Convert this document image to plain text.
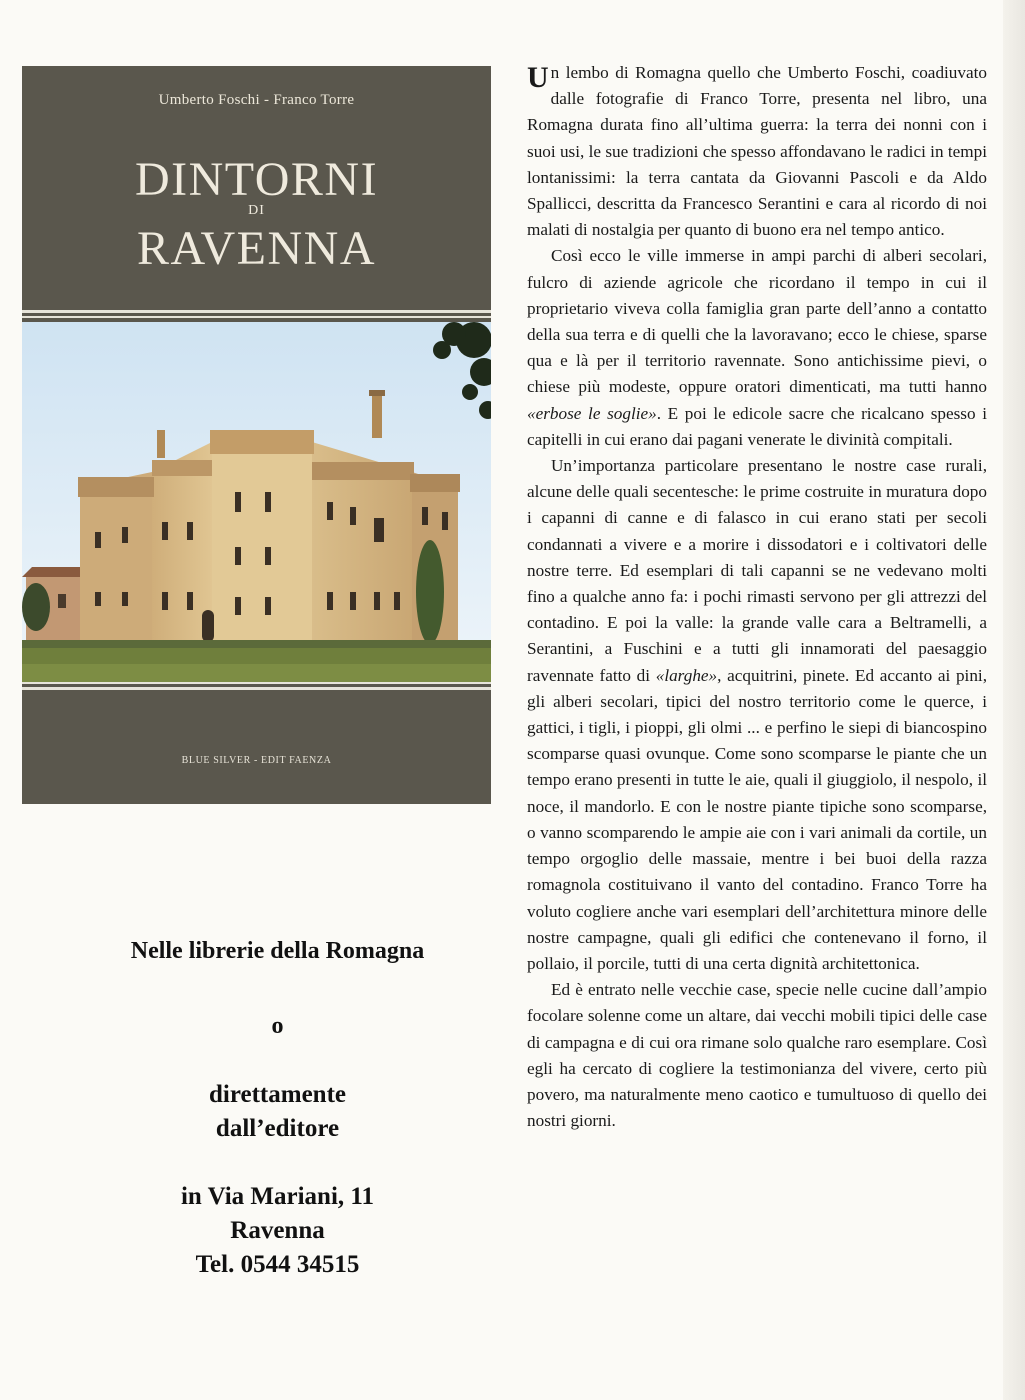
Umberto Foschi - Franco Torre
DINTORNI
DI
RAVENNA
BLUE SILVER - EDIT FAENZA
Nelle librerie della Romagna
o
direttamente
dall’editore
in Via Mariani, 11
Ravenna
Tel. 0544 34515

Un lembo di Romagna quello che Umberto Foschi, coadiuvato dalle fotografie di Franco Torre, presenta nel libro, una Romagna durata fino all’ultima guerra: la terra dei nonni con i suoi usi, le sue tradizioni che spesso affondavano le radici in tempi lontanissimi: la terra cantata da Giovanni Pascoli e da Aldo Spallicci, descritta da Francesco Serantini e cara al ricordo di noi malati di nostalgia per quanto di buono era nel tempo antico.

Così ecco le ville immerse in ampi parchi di alberi secolari, fulcro di aziende agricole che ricordano il tempo in cui il proprietario viveva colla famiglia gran parte dell’anno a contatto della sua terra e di quelli che la lavoravano; ecco le chiese, sparse qua e là per il territorio ravennate. Sono antichissime pievi, o chiese più modeste, oppure oratori dimenticati, ma tutti hanno «erbose le soglie». E poi le edicole sacre che ricalcano spesso i capitelli in cui erano dai pagani venerate le divinità compitali.

Un’importanza particolare presentano le nostre case rurali, alcune delle quali secentesche: le prime costruite in muratura dopo i capanni di canne e di falasco in cui erano stati per secoli condannati a vivere e a morire i dissodatori e i coltivatori delle nostre terre. Ed esemplari di tali capanni se ne vedevano molti fino a qualche anno fa: i pochi rimasti servono per gli attrezzi del contadino. E poi la valle: la grande valle cara a Beltramelli, a Serantini, a Fuschini e a tutti gli innamorati del paesaggio ravennate fatto di «larghe», acquitrini, pinete. Ed accanto ai pini, gli alberi secolari, tipici del nostro territorio come le querce, i gattici, i tigli, i pioppi, gli olmi ... e perfino le siepi di biancospino scomparse quasi ovunque. Come sono scomparse le piante che un tempo erano presenti in tutte le aie, quali il giuggiolo, il nespolo, il noce, il mandorlo. E con le nostre piante tipiche sono scomparse, o vanno scomparendo le ampie aie con i vari animali da cortile, un tempo orgoglio delle massaie, mentre i bei buoi della razza romagnola costituivano il vanto del contadino. Franco Torre ha voluto cogliere anche vari esemplari dell’architettura minore delle nostre campagne, quali gli edifici che contenevano il forno, il pollaio, il porcile, tutti di una certa dignità architettonica.

Ed è entrato nelle vecchie case, specie nelle cucine dall’ampio focolare solenne come un altare, dai vecchi mobili tipici delle case di campagna e di cui ora rimane solo qualche raro esemplare. Così egli ha cercato di cogliere la testimonianza del vivere, certo più povero, ma naturalmente meno caotico e tumultuoso di quello dei nostri giorni.
